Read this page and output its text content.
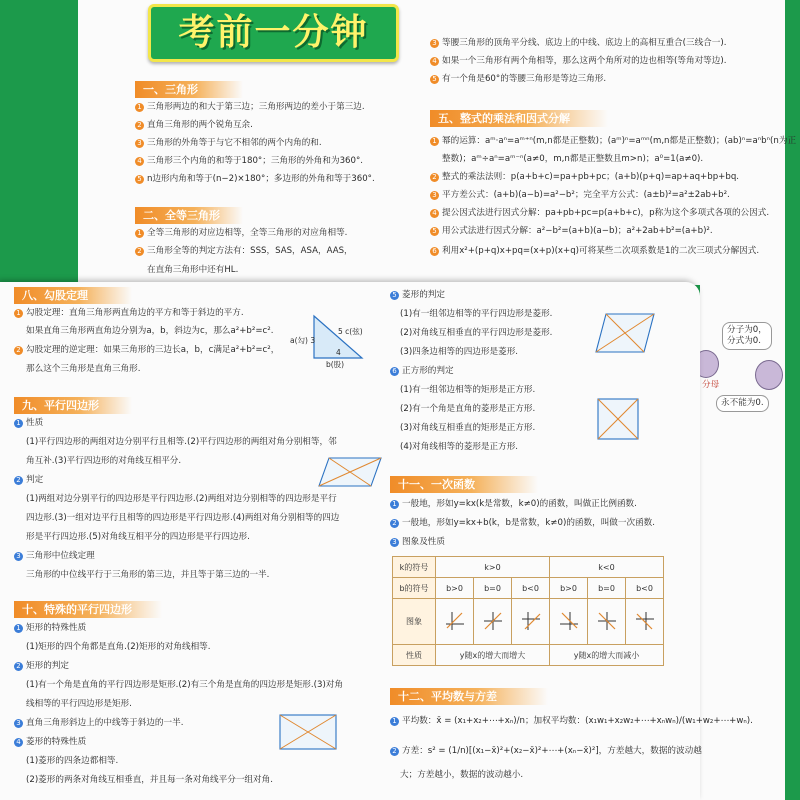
考前一分钟
一、三角形
1 三角形两边的和大于第三边；三角形两边的差小于第三边.
2 直角三角形的两个锐角互余.
3 三角形的外角等于与它不相邻的两个内角的和.
4 三角形三个内角的和等于180°；三角形的外角和为360°.
5 n边形内角和等于(n−2)×180°；多边形的外角和等于360°.
二、全等三角形
1 全等三角形的对应边相等，全等三角形的对应角相等.
2 三角形全等的判定方法有：SSS，SAS，ASA，AAS，
在直角三角形中还有HL.
3 等腰三角形的顶角平分线、底边上的中线、底边上的高相互重合(三线合一).
4 如果一个三角形有两个角相等，那么这两个角所对的边也相等(等角对等边).
5 有一个角是60°的等腰三角形是等边三角形.
五、整式的乘法和因式分解
1 幂的运算：aᵐ·aⁿ=aᵐ⁺ⁿ(m,n都是正整数)；(aᵐ)ⁿ=aᵐⁿ(m,n都是正整数)；(ab)ⁿ=aⁿbⁿ(n为正
整数)；aᵐ÷aⁿ=aᵐ⁻ⁿ(a≠0，m,n都是正整数且m>n)；a⁰=1(a≠0).
2 整式的乘法法则：p(a+b+c)=pa+pb+pc；(a+b)(p+q)=ap+aq+bp+bq.
3 平方差公式：(a+b)(a−b)=a²−b²；完全平方公式：(a±b)²=a²±2ab+b².
4 提公因式法进行因式分解：pa+pb+pc=p(a+b+c)，p称为这个多项式各项的公因式.
5 用公式法进行因式分解：a²−b²=(a+b)(a−b)；a²+2ab+b²=(a+b)².
6 利用x²+(p+q)x+pq=(x+p)(x+q)可将某些二次项系数是1的二次三项式分解因式.
分子为0，
分式为0.
分母
永不能为0.
八、勾股定理
1 勾股定理：直角三角形两直角边的平方和等于斜边的平方.
如果直角三角形两直角边分别为a，b，斜边为c，那么a²+b²=c².
2 勾股定理的逆定理：如果三角形的三边长a，b，c满足a²+b²=c²，
那么这个三角形是直角三角形.
a(勾) 3
5 c(弦)
4
b(股)
九、平行四边形
1 性质
(1)平行四边形的两组对边分别平行且相等.(2)平行四边形的两组对角分别相等，邻
角互补.(3)平行四边形的对角线互相平分.
2 判定
(1)两组对边分别平行的四边形是平行四边形.(2)两组对边分别相等的四边形是平行
四边形.(3)一组对边平行且相等的四边形是平行四边形.(4)两组对角分别相等的四边
形是平行四边形.(5)对角线互相平分的四边形是平行四边形.
3 三角形中位线定理
三角形的中位线平行于三角形的第三边，并且等于第三边的一半.
十、特殊的平行四边形
1 矩形的特殊性质
(1)矩形的四个角都是直角.(2)矩形的对角线相等.
2 矩形的判定
(1)有一个角是直角的平行四边形是矩形.(2)有三个角是直角的四边形是矩形.(3)对角
线相等的平行四边形是矩形.
3 直角三角形斜边上的中线等于斜边的一半.
4 菱形的特殊性质
(1)菱形的四条边都相等.
(2)菱形的两条对角线互相垂直，并且每一条对角线平分一组对角.
5 菱形的判定
(1)有一组邻边相等的平行四边形是菱形.
(2)对角线互相垂直的平行四边形是菱形.
(3)四条边相等的四边形是菱形.
6 正方形的判定
(1)有一组邻边相等的矩形是正方形.
(2)有一个角是直角的菱形是正方形.
(3)对角线互相垂直的矩形是正方形.
(4)对角线相等的菱形是正方形.
十一、一次函数
1 一般地，形如y=kx(k是常数，k≠0)的函数，叫做正比例函数.
2 一般地，形如y=kx+b(k，b是常数，k≠0)的函数，叫做一次函数.
3 图象及性质
k的符号	k>0			k<0		
b的符号	b>0	b=0	b<0	b>0	b=0	b<0
图象						
性质	y随x的增大而增大			y随x的增大而减小		
十二、平均数与方差
1 平均数：x̄ = (x₁+x₂+⋯+xₙ)/n；加权平均数：(x₁w₁+x₂w₂+⋯+xₙwₙ)/(w₁+w₂+⋯+wₙ).
2 方差：s² = (1/n)[(x₁−x̄)²+(x₂−x̄)²+⋯+(xₙ−x̄)²]，方差越大，数据的波动越
大；方差越小，数据的波动越小.
